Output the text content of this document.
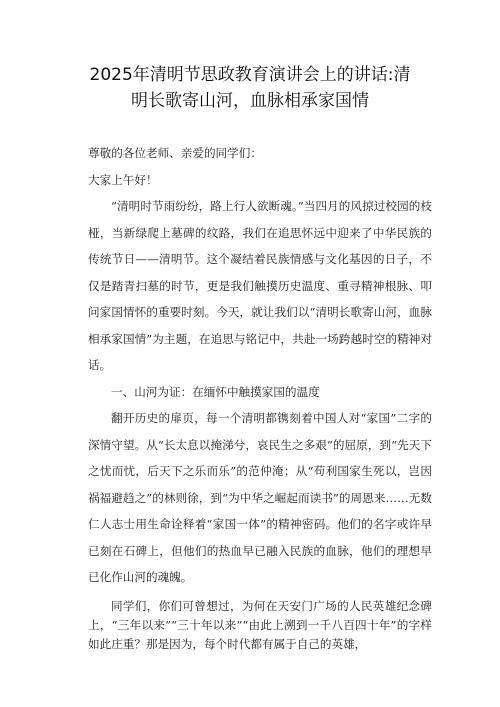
2025年清明节思政教育演讲会上的讲话:清
明长歌寄山河，血脉相承家国情

尊敬的各位老师、亲爱的同学们：

大家上午好！

“清明时节雨纷纷，路上行人欲断魂。”当四月的风掠过校园的枝桠，当新绿爬上墓碑的纹路，我们在追思怀远中迎来了中华民族的传统节日——清明节。这个凝结着民族情感与文化基因的日子，不仅是踏青扫墓的时节，更是我们触摸历史温度、重寻精神根脉、叩问家国情怀的重要时刻。今天，就让我们以“清明长歌寄山河，血脉相承家国情”为主题，在追思与铭记中，共赴一场跨越时空的精神对话。

一、山河为证：在缅怀中触摸家国的温度

翻开历史的扉页，每一个清明都镌刻着中国人对“家国”二字的深情守望。从“长太息以掩涕兮，哀民生之多艰”的屈原，到“先天下之忧而忧，后天下之乐而乐”的范仲淹；从“苟利国家生死以，岂因祸福避趋之”的林则徐，到“为中华之崛起而读书”的周恩来……无数仁人志士用生命诠释着“家国一体”的精神密码。他们的名字或许早已刻在石碑上，但他们的热血早已融入民族的血脉，他们的理想早已化作山河的魂魄。

同学们，你们可曾想过，为何在天安门广场的人民英雄纪念碑上，“三年以来”“三十年以来”“由此上溯到一千八百四十年”的字样如此庄重？那是因为，每个时代都有属于自己的英雄，
